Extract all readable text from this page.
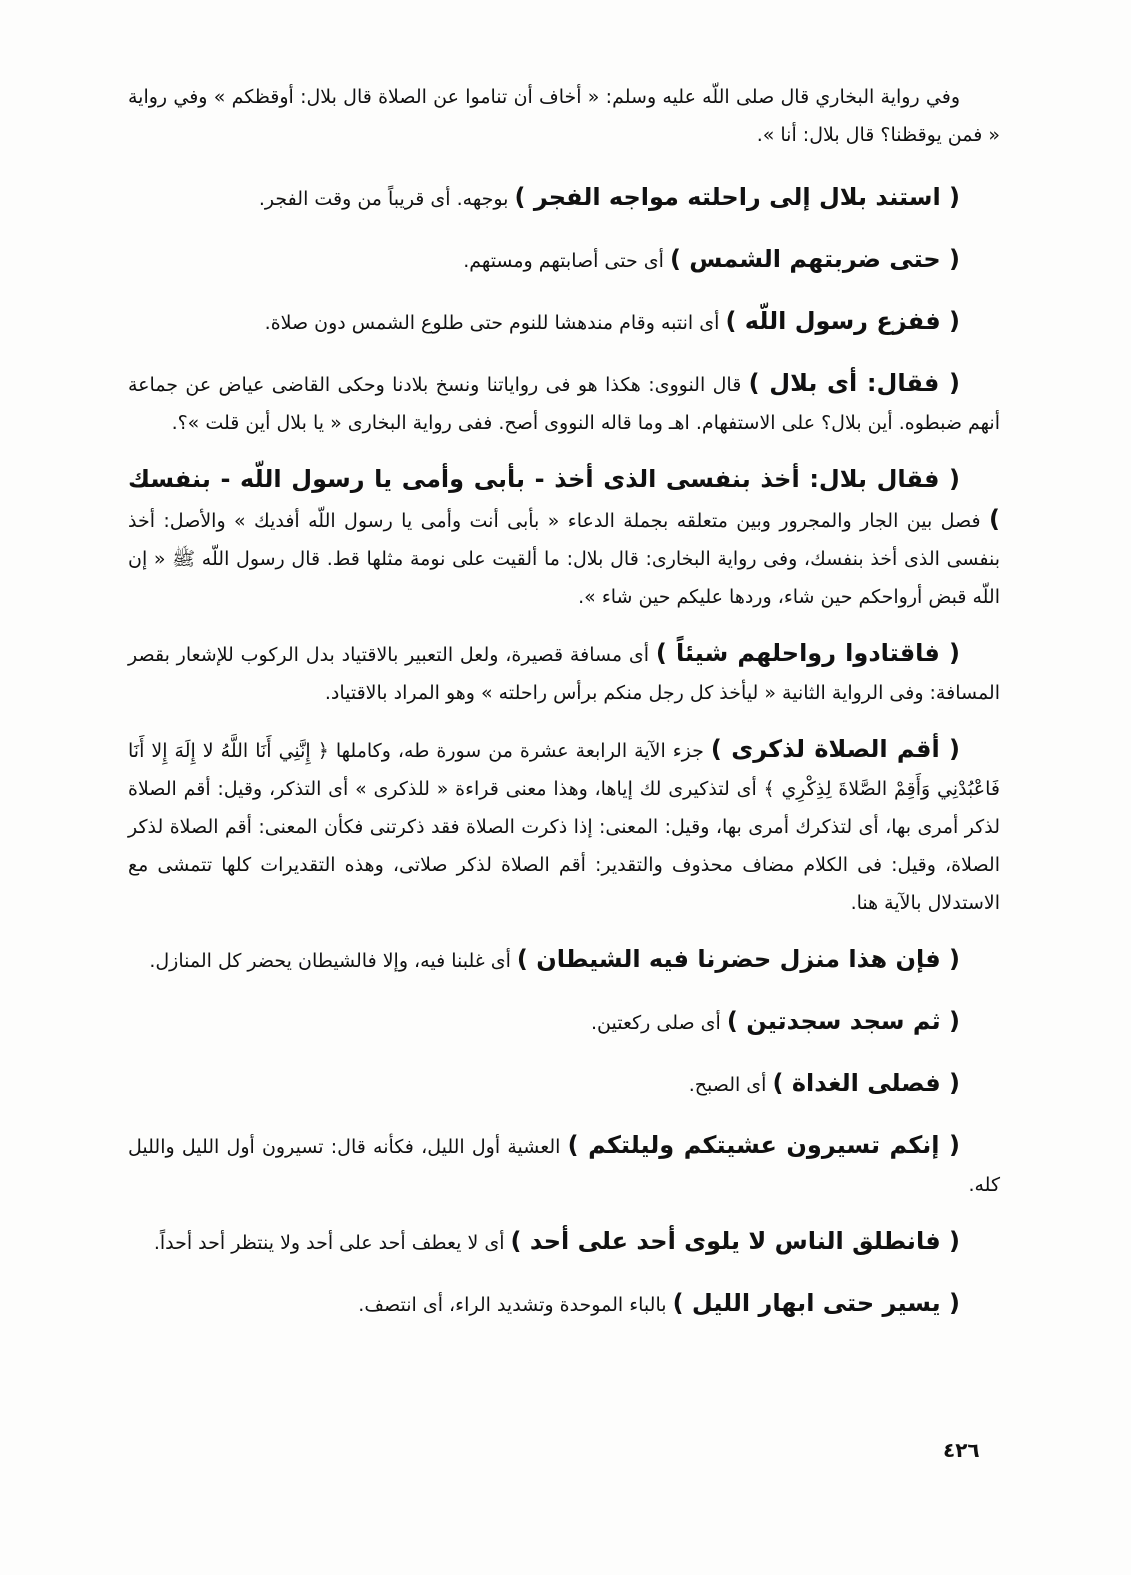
وفي رواية البخاري قال صلى اللّه عليه وسلم: « أخاف أن تناموا عن الصلاة قال بلال: أوقظكم » وفي رواية « فمن يوقظنا؟ قال بلال: أنا ».

( استند بلال إلى راحلته مواجه الفجر ) بوجهه. أى قريباً من وقت الفجر.

( حتى ضربتهم الشمس ) أى حتى أصابتهم ومستهم.

( ففزع رسول اللّه ) أى انتبه وقام مندهشا للنوم حتى طلوع الشمس دون صلاة.

( فقال: أى بلال ) قال النووى: هكذا هو فى رواياتنا ونسخ بلادنا وحكى القاضى عياض عن جماعة أنهم ضبطوه. أين بلال؟ على الاستفهام. اهـ وما قاله النووى أصح. ففى رواية البخارى « يا بلال أين قلت »؟.

( فقال بلال: أخذ بنفسى الذى أخذ - بأبى وأمى يا رسول اللّه - بنفسك ) فصل بين الجار والمجرور وبين متعلقه بجملة الدعاء « بأبى أنت وأمى يا رسول اللّه أفديك » والأصل: أخذ بنفسى الذى أخذ بنفسك، وفى رواية البخارى: قال بلال: ما ألقيت على نومة مثلها قط. قال رسول اللّه ﷺ « إن اللّه قبض أرواحكم حين شاء، وردها عليكم حين شاء ».

( فاقتادوا رواحلهم شيئاً ) أى مسافة قصيرة، ولعل التعبير بالاقتياد بدل الركوب للإشعار بقصر المسافة: وفى الرواية الثانية « ليأخذ كل رجل منكم برأس راحلته » وهو المراد بالاقتياد.

( أقم الصلاة لذكرى ) جزء الآية الرابعة عشرة من سورة طه، وكاملها ﴿ إِنَّنِي أَنَا اللَّهُ لا إِلَهَ إِلا أَنَا فَاعْبُدْنِي وَأَقِمْ الصَّلاةَ لِذِكْرِي ﴾ أى لتذكيرى لك إياها، وهذا معنى قراءة « للذكرى » أى التذكر، وقيل: أقم الصلاة لذكر أمرى بها، أى لتذكرك أمرى بها، وقيل: المعنى: إذا ذكرت الصلاة فقد ذكرتنى فكأن المعنى: أقم الصلاة لذكر الصلاة، وقيل: فى الكلام مضاف محذوف والتقدير: أقم الصلاة لذكر صلاتى، وهذه التقديرات كلها تتمشى مع الاستدلال بالآية هنا.

( فإن هذا منزل حضرنا فيه الشيطان ) أى غلبنا فيه، وإلا فالشيطان يحضر كل المنازل.

( ثم سجد سجدتين ) أى صلى ركعتين.

( فصلى الغداة ) أى الصبح.

( إنكم تسيرون عشيتكم وليلتكم ) العشية أول الليل، فكأنه قال: تسيرون أول الليل والليل كله.

( فانطلق الناس لا يلوى أحد على أحد ) أى لا يعطف أحد على أحد ولا ينتظر أحد أحداً.

( يسير حتى ابهار الليل ) بالباء الموحدة وتشديد الراء، أى انتصف.

٤٢٦
